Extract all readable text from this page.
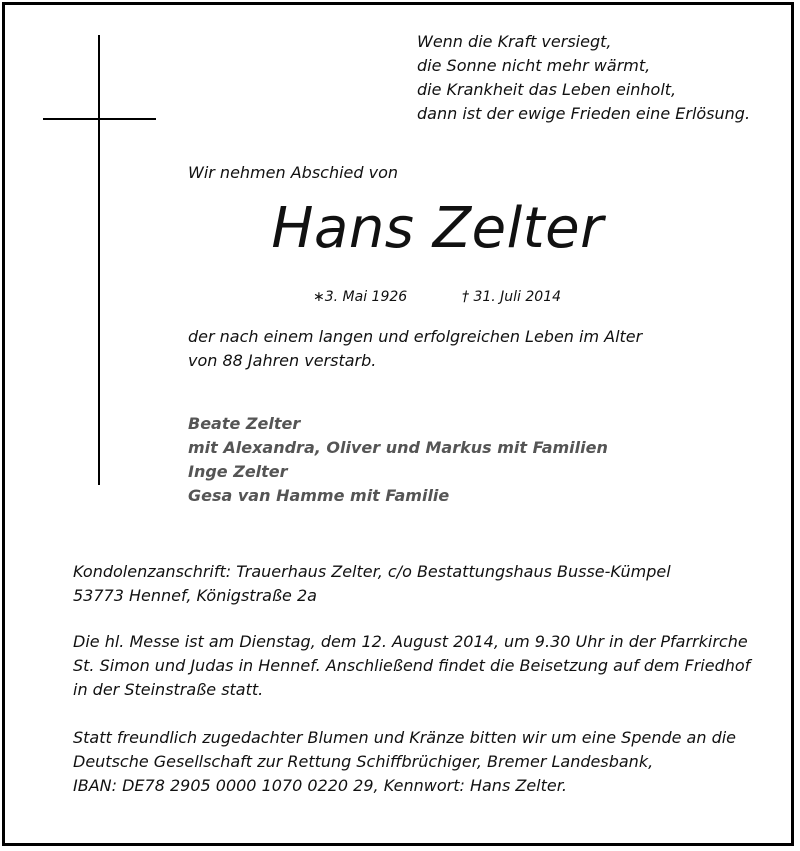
Wenn die Kraft versiegt,
die Sonne nicht mehr wärmt,
die Krankheit das Leben einholt,
dann ist der ewige Frieden eine Erlösung.

Wir nehmen Abschied von

Hans Zelter

∗3. Mai 1926	† 31. Juli 2014

der nach einem langen und erfolgreichen Leben im Alter
von 88 Jahren verstarb.
Beate Zelter
mit Alexandra, Oliver und Markus mit Familien
Inge Zelter
Gesa van Hamme mit Familie
Kondolenzanschrift: Trauerhaus Zelter, c/o Bestattungshaus Busse-Kümpel
53773 Hennef, Königstraße 2a
Die hl. Messe ist am Dienstag, dem 12. August 2014, um 9.30 Uhr in der Pfarrkirche
St. Simon und Judas in Hennef. Anschließend findet die Beisetzung auf dem Friedhof
in der Steinstraße statt.
Statt freundlich zugedachter Blumen und Kränze bitten wir um eine Spende an die
Deutsche Gesellschaft zur Rettung Schiffbrüchiger, Bremer Landesbank,
IBAN: DE78 2905 0000 1070 0220 29, Kennwort: Hans Zelter.
